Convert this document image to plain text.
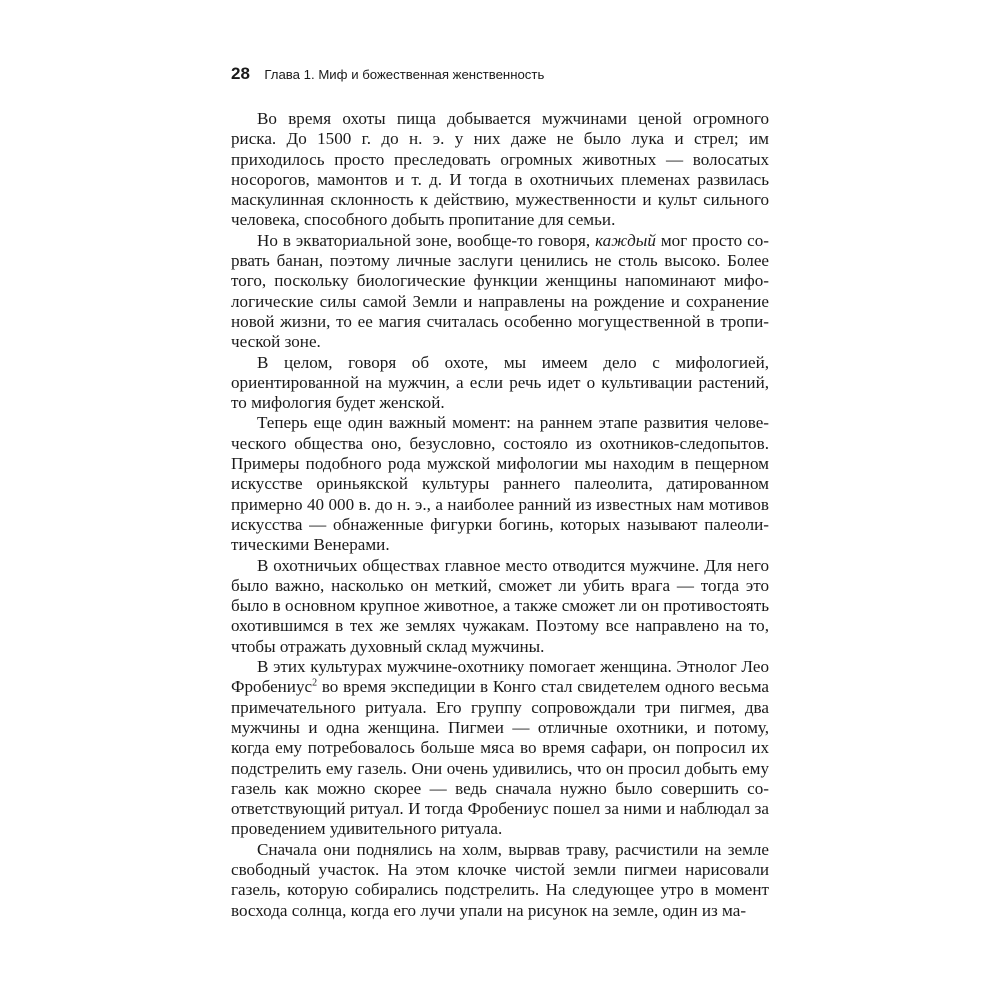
28 Глава 1. Миф и божественная женственность

Во время охоты пища добывается мужчинами ценой огромного риска. До 1500 г. до н. э. у них даже не было лука и стрел; им приходилось просто преследовать огромных животных — волосатых носорогов, мамонтов и т. д. И тогда в охотничьих племенах развилась маскулинная склонность к действию, мужественности и культ сильного человека, способного добыть пропитание для семьи.

Но в экваториальной зоне, вообще-то говоря, каждый мог просто сорвать банан, поэтому личные заслуги ценились не столь высоко. Более того, поскольку биологические функции женщины напоминают мифологические силы самой Земли и направлены на рождение и сохранение новой жизни, то ее магия считалась особенно могущественной в тропической зоне.

В целом, говоря об охоте, мы имеем дело с мифологией, ориентированной на мужчин, а если речь идет о культивации растений, то мифология будет женской.

Теперь еще один важный момент: на раннем этапе развития человеческого общества оно, безусловно, состояло из охотников-следопытов. Примеры подобного рода мужской мифологии мы находим в пещерном искусстве ориньякской культуры раннего палеолита, датированном примерно 40 000 в. до н. э., а наиболее ранний из известных нам мотивов искусства — обнаженные фигурки богинь, которых называют палеолитическими Венерами.

В охотничьих обществах главное место отводится мужчине. Для него было важно, насколько он меткий, сможет ли убить врага — тогда это было в основном крупное животное, а также сможет ли он противостоять охотившимся в тех же землях чужакам. Поэтому все направлено на то, чтобы отражать духовный склад мужчины.

В этих культурах мужчине-охотнику помогает женщина. Этнолог Лео Фробениус$^2$ во время экспедиции в Конго стал свидетелем одного весьма примечательного ритуала. Его группу сопровождали три пигмея, два мужчины и одна женщина. Пигмеи — отличные охотники, и потому, когда ему потребовалось больше мяса во время сафари, он попросил их подстрелить ему газель. Они очень удивились, что он просил добыть ему газель как можно скорее — ведь сначала нужно было совершить соответствующий ритуал. И тогда Фробениус пошел за ними и наблюдал за проведением удивительного ритуала.

Сначала они поднялись на холм, вырвав траву, расчистили на земле свободный участок. На этом клочке чистой земли пигмеи нарисовали газель, которую собирались подстрелить. На следующее утро в момент восхода солнца, когда его лучи упали на рисунок на земле, один из ма-
